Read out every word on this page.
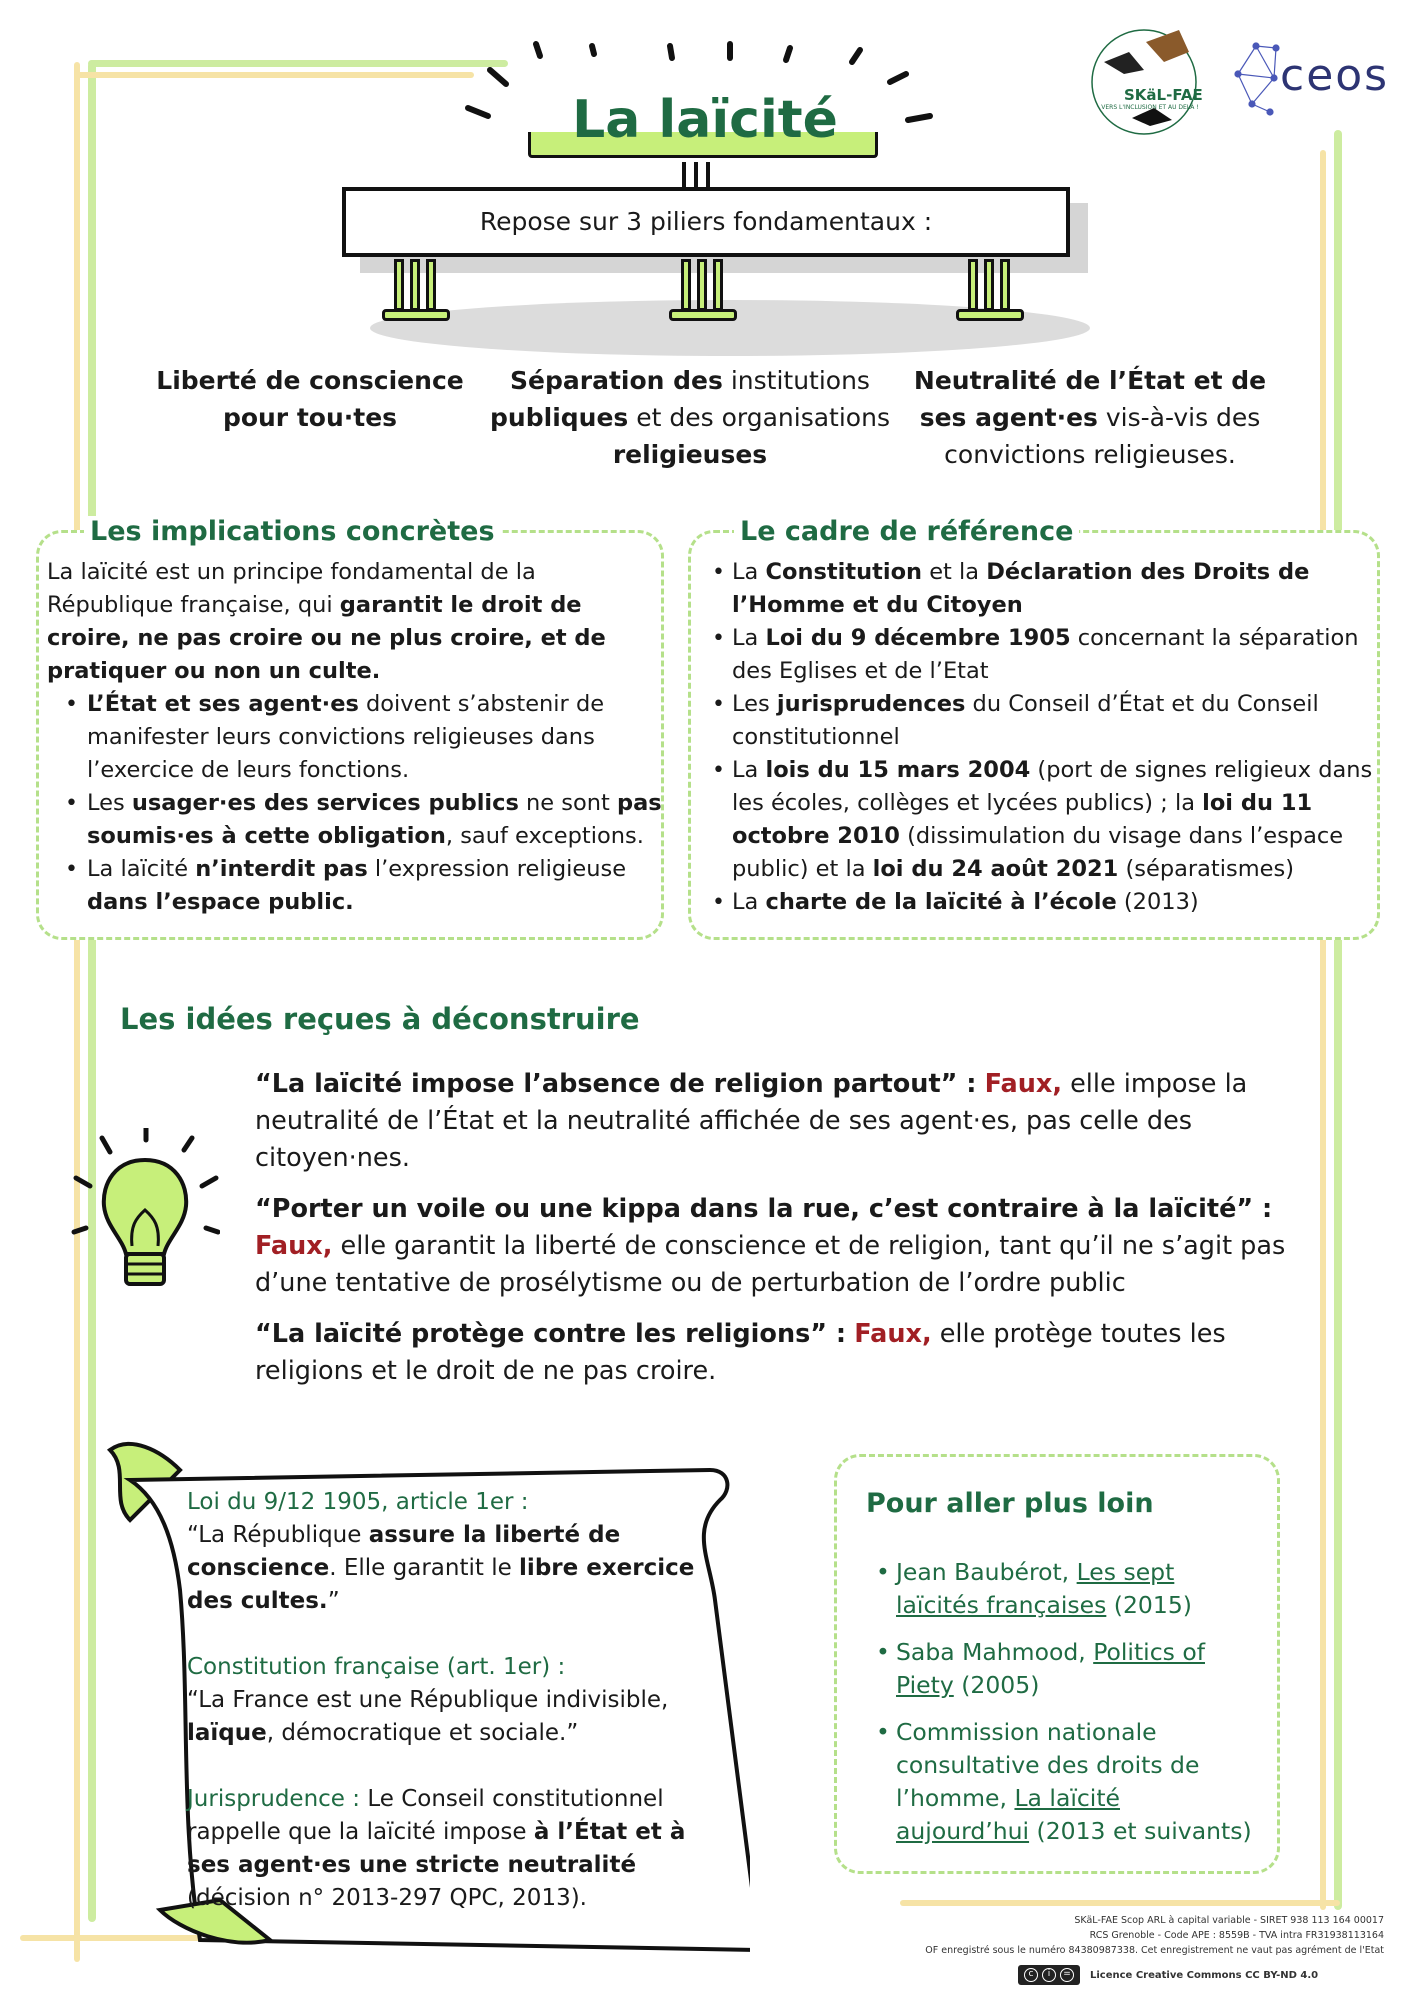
SKäL-FAE
VERS L'INCLUSION ET AU DELÀ !
ceos
La laïcité
Repose sur 3 piliers fondamentaux :
Liberté de conscience pour tou·tes
Séparation des institutions publiques et des organisations religieuses
Neutralité de l’État et de ses agent·es vis-à-vis des convictions religieuses.
Les implications concrètes

La laïcité est un principe fondamental de la République française, qui garantit le droit de croire, ne pas croire ou ne plus croire, et de pratiquer ou non un culte.

• L’État et ses agent·es doivent s’abstenir de manifester leurs convictions religieuses dans l’exercice de leurs fonctions.
• Les usager·es des services publics ne sont pas soumis·es à cette obligation, sauf exceptions.
• La laïcité n’interdit pas l’expression religieuse dans l’espace public.
Le cadre de référence
• La Constitution et la Déclaration des Droits de l’Homme et du Citoyen
• La Loi du 9 décembre 1905 concernant la séparation des Eglises et de l’Etat
• Les jurisprudences du Conseil d’État et du Conseil constitutionnel
• La lois du 15 mars 2004 (port de signes religieux dans les écoles, collèges et lycées publics) ; la loi du 11 octobre 2010 (dissimulation du visage dans l’espace public) et la loi du 24 août 2021 (séparatismes)
• La charte de la laïcité à l’école (2013)
Les idées reçues à déconstruire

“La laïcité impose l’absence de religion partout” : Faux, elle impose la neutralité de l’État et la neutralité affichée de ses agent·es, pas celle des citoyen·nes.

“Porter un voile ou une kippa dans la rue, c’est contraire à la laïcité” : Faux, elle garantit la liberté de conscience et de religion, tant qu’il ne s’agit pas d’une tentative de prosélytisme ou de perturbation de l’ordre public

“La laïcité protège contre les religions” : Faux, elle protège toutes les religions et le droit de ne pas croire.

Loi du 9/12 1905, article 1er :
“La République assure la liberté de conscience. Elle garantit le libre exercice des cultes.”

Constitution française (art. 1er) :
“La France est une République indivisible, laïque, démocratique et sociale.”

Jurisprudence : Le Conseil constitutionnel rappelle que la laïcité impose à l’État et à ses agent·es une stricte neutralité (décision n° 2013-297 QPC, 2013).

Pour aller plus loin
• Jean Baubérot, Les sept laïcités françaises (2015)
• Saba Mahmood, Politics of Piety (2005)
• Commission nationale consultative des droits de l’homme, La laïcité aujourd’hui (2013 et suivants)
SKäL-FAE Scop ARL à capital variable - SIRET 938 113 164 00017
RCS Grenoble - Code APE : 8559B - TVA intra FR31938113164
OF enregistré sous le numéro 84380987338. Cet enregistrement ne vaut pas agrément de l'Etat
c	i	=	Licence Creative Commons CC BY-ND 4.0
